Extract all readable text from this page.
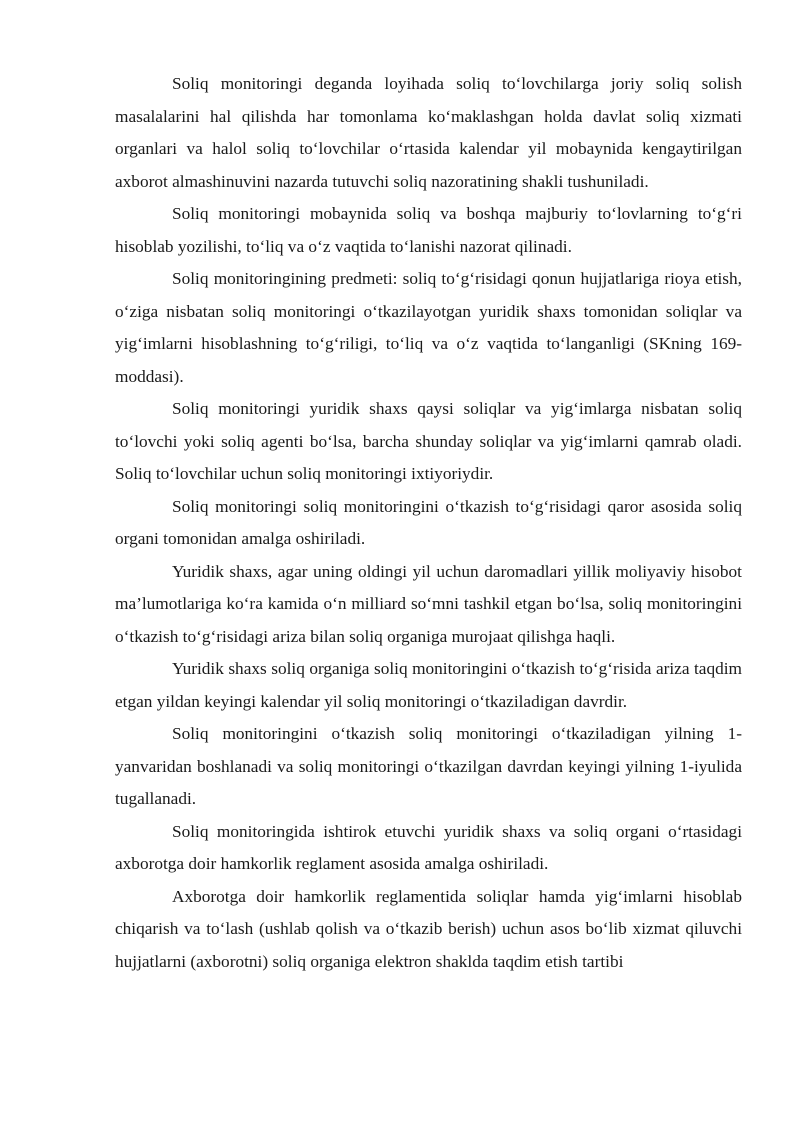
Soliq monitoringi deganda loyihada soliq to‘lovchilarga joriy soliq solish masalalarini hal qilishda har tomonlama ko‘maklashgan holda davlat soliq xizmati organlari va halol soliq to‘lovchilar o‘rtasida kalendar yil mobaynida kengaytirilgan axborot almashinuvini nazarda tutuvchi soliq nazoratining shakli tushuniladi.

Soliq monitoringi mobaynida soliq va boshqa majburiy to‘lovlarning to‘g‘ri hisoblab yozilishi, to‘liq va o‘z vaqtida to‘lanishi nazorat qilinadi.

Soliq monitoringining predmeti: soliq to‘g‘risidagi qonun hujjatlariga rioya etish, o‘ziga nisbatan soliq monitoringi o‘tkazilayotgan yuridik shaxs tomonidan soliqlar va yig‘imlarni hisoblashning to‘g‘riligi, to‘liq va o‘z vaqtida to‘langanligi (SKning 169-moddasi).

Soliq monitoringi yuridik shaxs qaysi soliqlar va yig‘imlarga nisbatan soliq to‘lovchi yoki soliq agenti bo‘lsa, barcha shunday soliqlar va yig‘imlarni qamrab oladi. Soliq to‘lovchilar uchun soliq monitoringi ixtiyoriydir.

Soliq monitoringi soliq monitoringini o‘tkazish to‘g‘risidagi qaror asosida soliq organi tomonidan amalga oshiriladi.

Yuridik shaxs, agar uning oldingi yil uchun daromadlari yillik moliyaviy hisobot ma’lumotlariga ko‘ra kamida o‘n milliard so‘mni tashkil etgan bo‘lsa, soliq monitoringini o‘tkazish to‘g‘risidagi ariza bilan soliq organiga murojaat qilishga haqli.

Yuridik shaxs soliq organiga soliq monitoringini o‘tkazish to‘g‘risida ariza taqdim etgan yildan keyingi kalendar yil soliq monitoringi o‘tkaziladigan davrdir.

Soliq monitoringini o‘tkazish soliq monitoringi o‘tkaziladigan yilning 1-yanvaridan boshlanadi va soliq monitoringi o‘tkazilgan davrdan keyingi yilning 1-iyulida tugallanadi.

Soliq monitoringida ishtirok etuvchi yuridik shaxs va soliq organi o‘rtasidagi axborotga doir hamkorlik reglament asosida amalga oshiriladi.

Axborotga doir hamkorlik reglamentida soliqlar hamda yig‘imlarni hisoblab chiqarish va to‘lash (ushlab qolish va o‘tkazib berish) uchun asos bo‘lib xizmat qiluvchi hujjatlarni (axborotni) soliq organiga elektron shaklda taqdim etish tartibi
